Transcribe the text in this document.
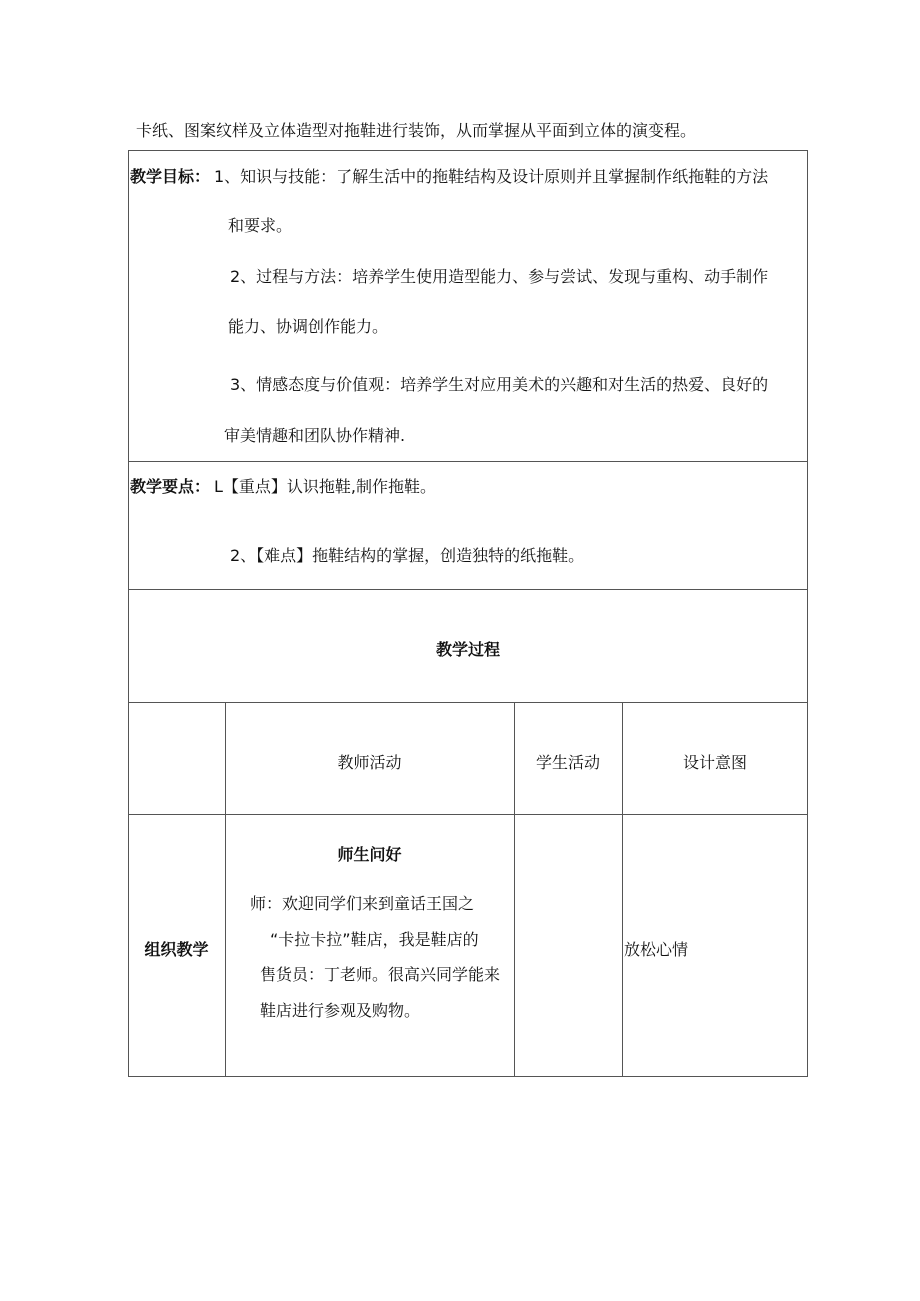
卡纸、图案纹样及立体造型对拖鞋进行装饰，从而掌握从平面到立体的演变程。
教学目标： 1、知识与技能：了解生活中的拖鞋结构及设计原则并且掌握制作纸拖鞋的方法
和要求。
2、过程与方法：培养学生使用造型能力、参与尝试、发现与重构、动手制作
能力、协调创作能力。
3、情感态度与价值观：培养学生对应用美术的兴趣和对生活的热爱、良好的
审美情趣和团队协作精神.
教学要点： L【重点】认识拖鞋,制作拖鞋。
2、【难点】拖鞋结构的掌握，创造独特的纸拖鞋。
教学过程
教师活动	学生活动	设计意图
组织教学
师生问好
师：欢迎同学们来到童话王国之
“卡拉卡拉”鞋店，我是鞋店的
售货员：丁老师。很高兴同学能来
鞋店进行参观及购物。
放松心情
